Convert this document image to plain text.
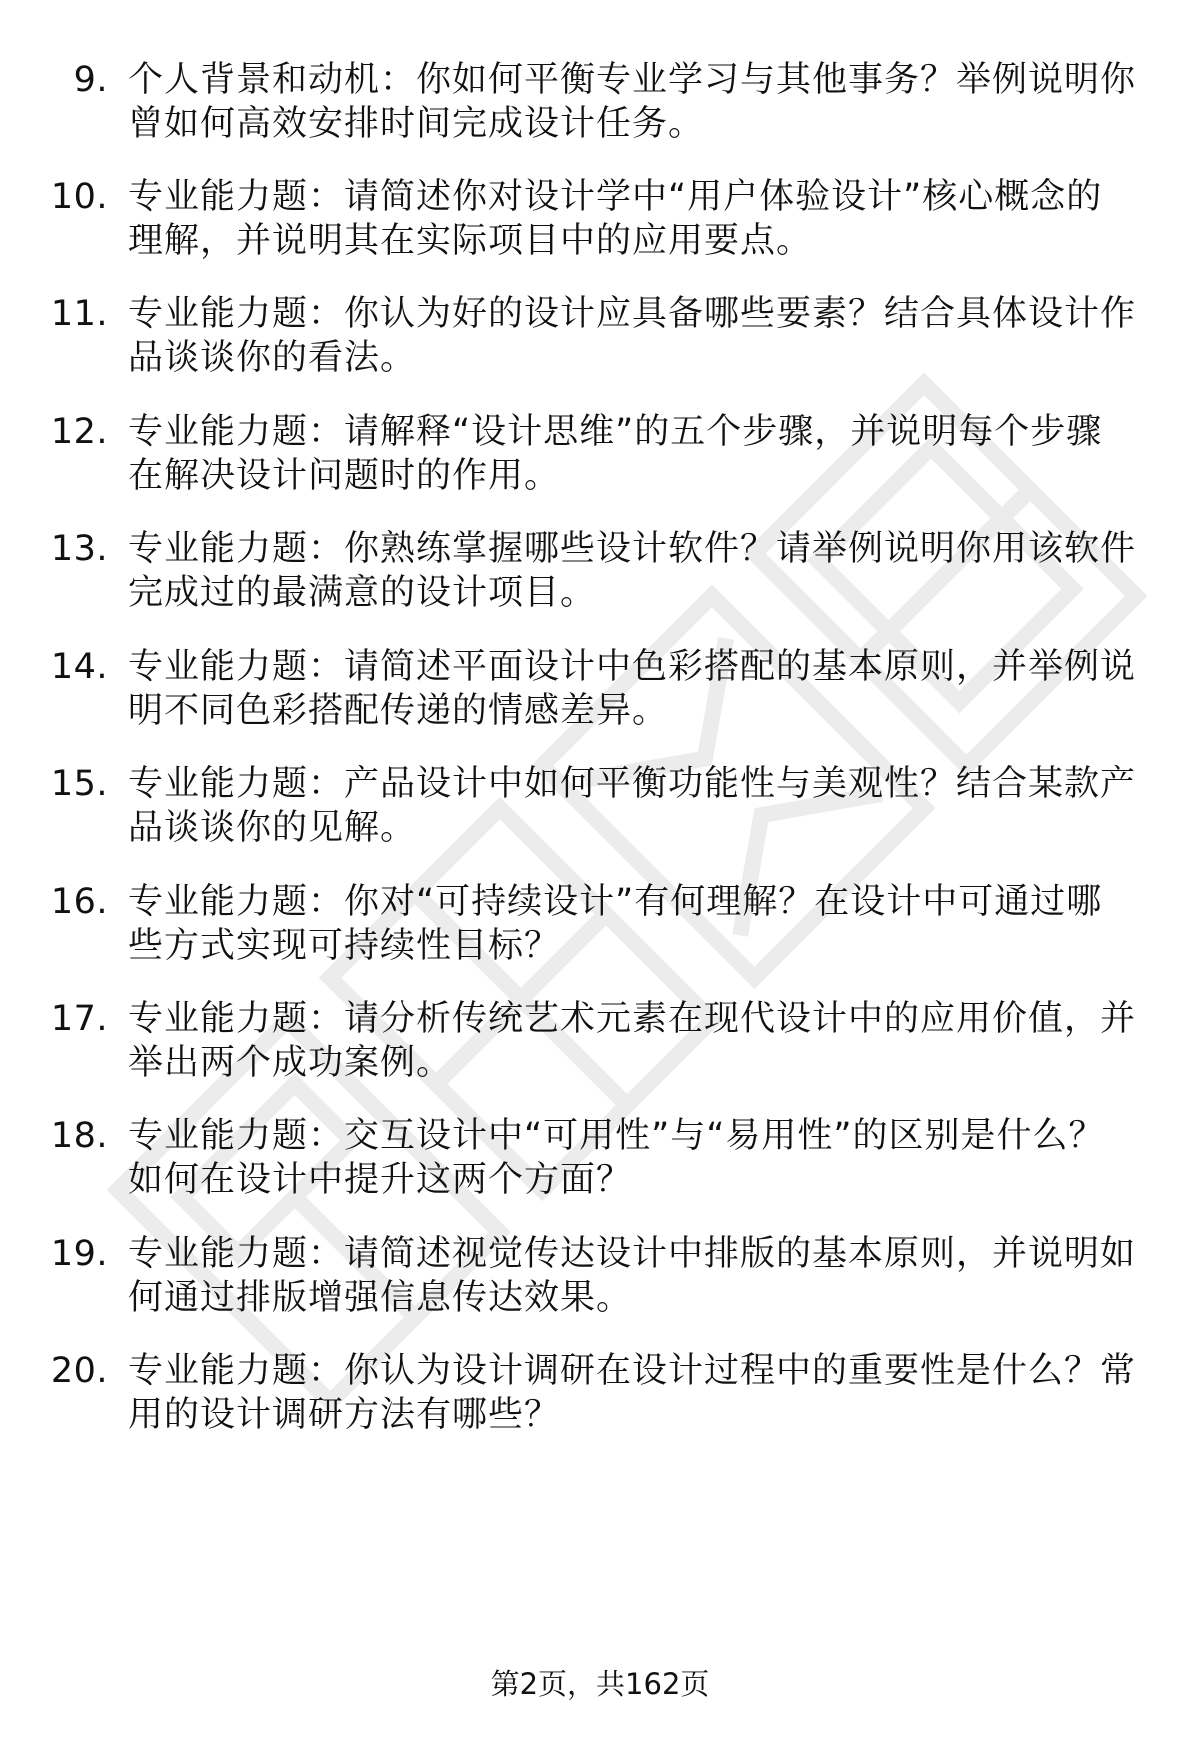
9. 个人背景和动机：你如何平衡专业学习与其他事务？举例说明你曾如何高效安排时间完成设计任务。
10. 专业能力题：请简述你对设计学中“用户体验设计”核心概念的理解，并说明其在实际项目中的应用要点。
11. 专业能力题：你认为好的设计应具备哪些要素？结合具体设计作品谈谈你的看法。
12. 专业能力题：请解释“设计思维”的五个步骤，并说明每个步骤在解决设计问题时的作用。
13. 专业能力题：你熟练掌握哪些设计软件？请举例说明你用该软件完成过的最满意的设计项目。
14. 专业能力题：请简述平面设计中色彩搭配的基本原则，并举例说明不同色彩搭配传递的情感差异。
15. 专业能力题：产品设计中如何平衡功能性与美观性？结合某款产品谈谈你的见解。
16. 专业能力题：你对“可持续设计”有何理解？在设计中可通过哪些方式实现可持续性目标？
17. 专业能力题：请分析传统艺术元素在现代设计中的应用价值，并举出两个成功案例。
18. 专业能力题：交互设计中“可用性”与“易用性”的区别是什么？如何在设计中提升这两个方面？
19. 专业能力题：请简述视觉传达设计中排版的基本原则，并说明如何通过排版增强信息传达效果。
20. 专业能力题：你认为设计调研在设计过程中的重要性是什么？常用的设计调研方法有哪些？
第2页，共162页
